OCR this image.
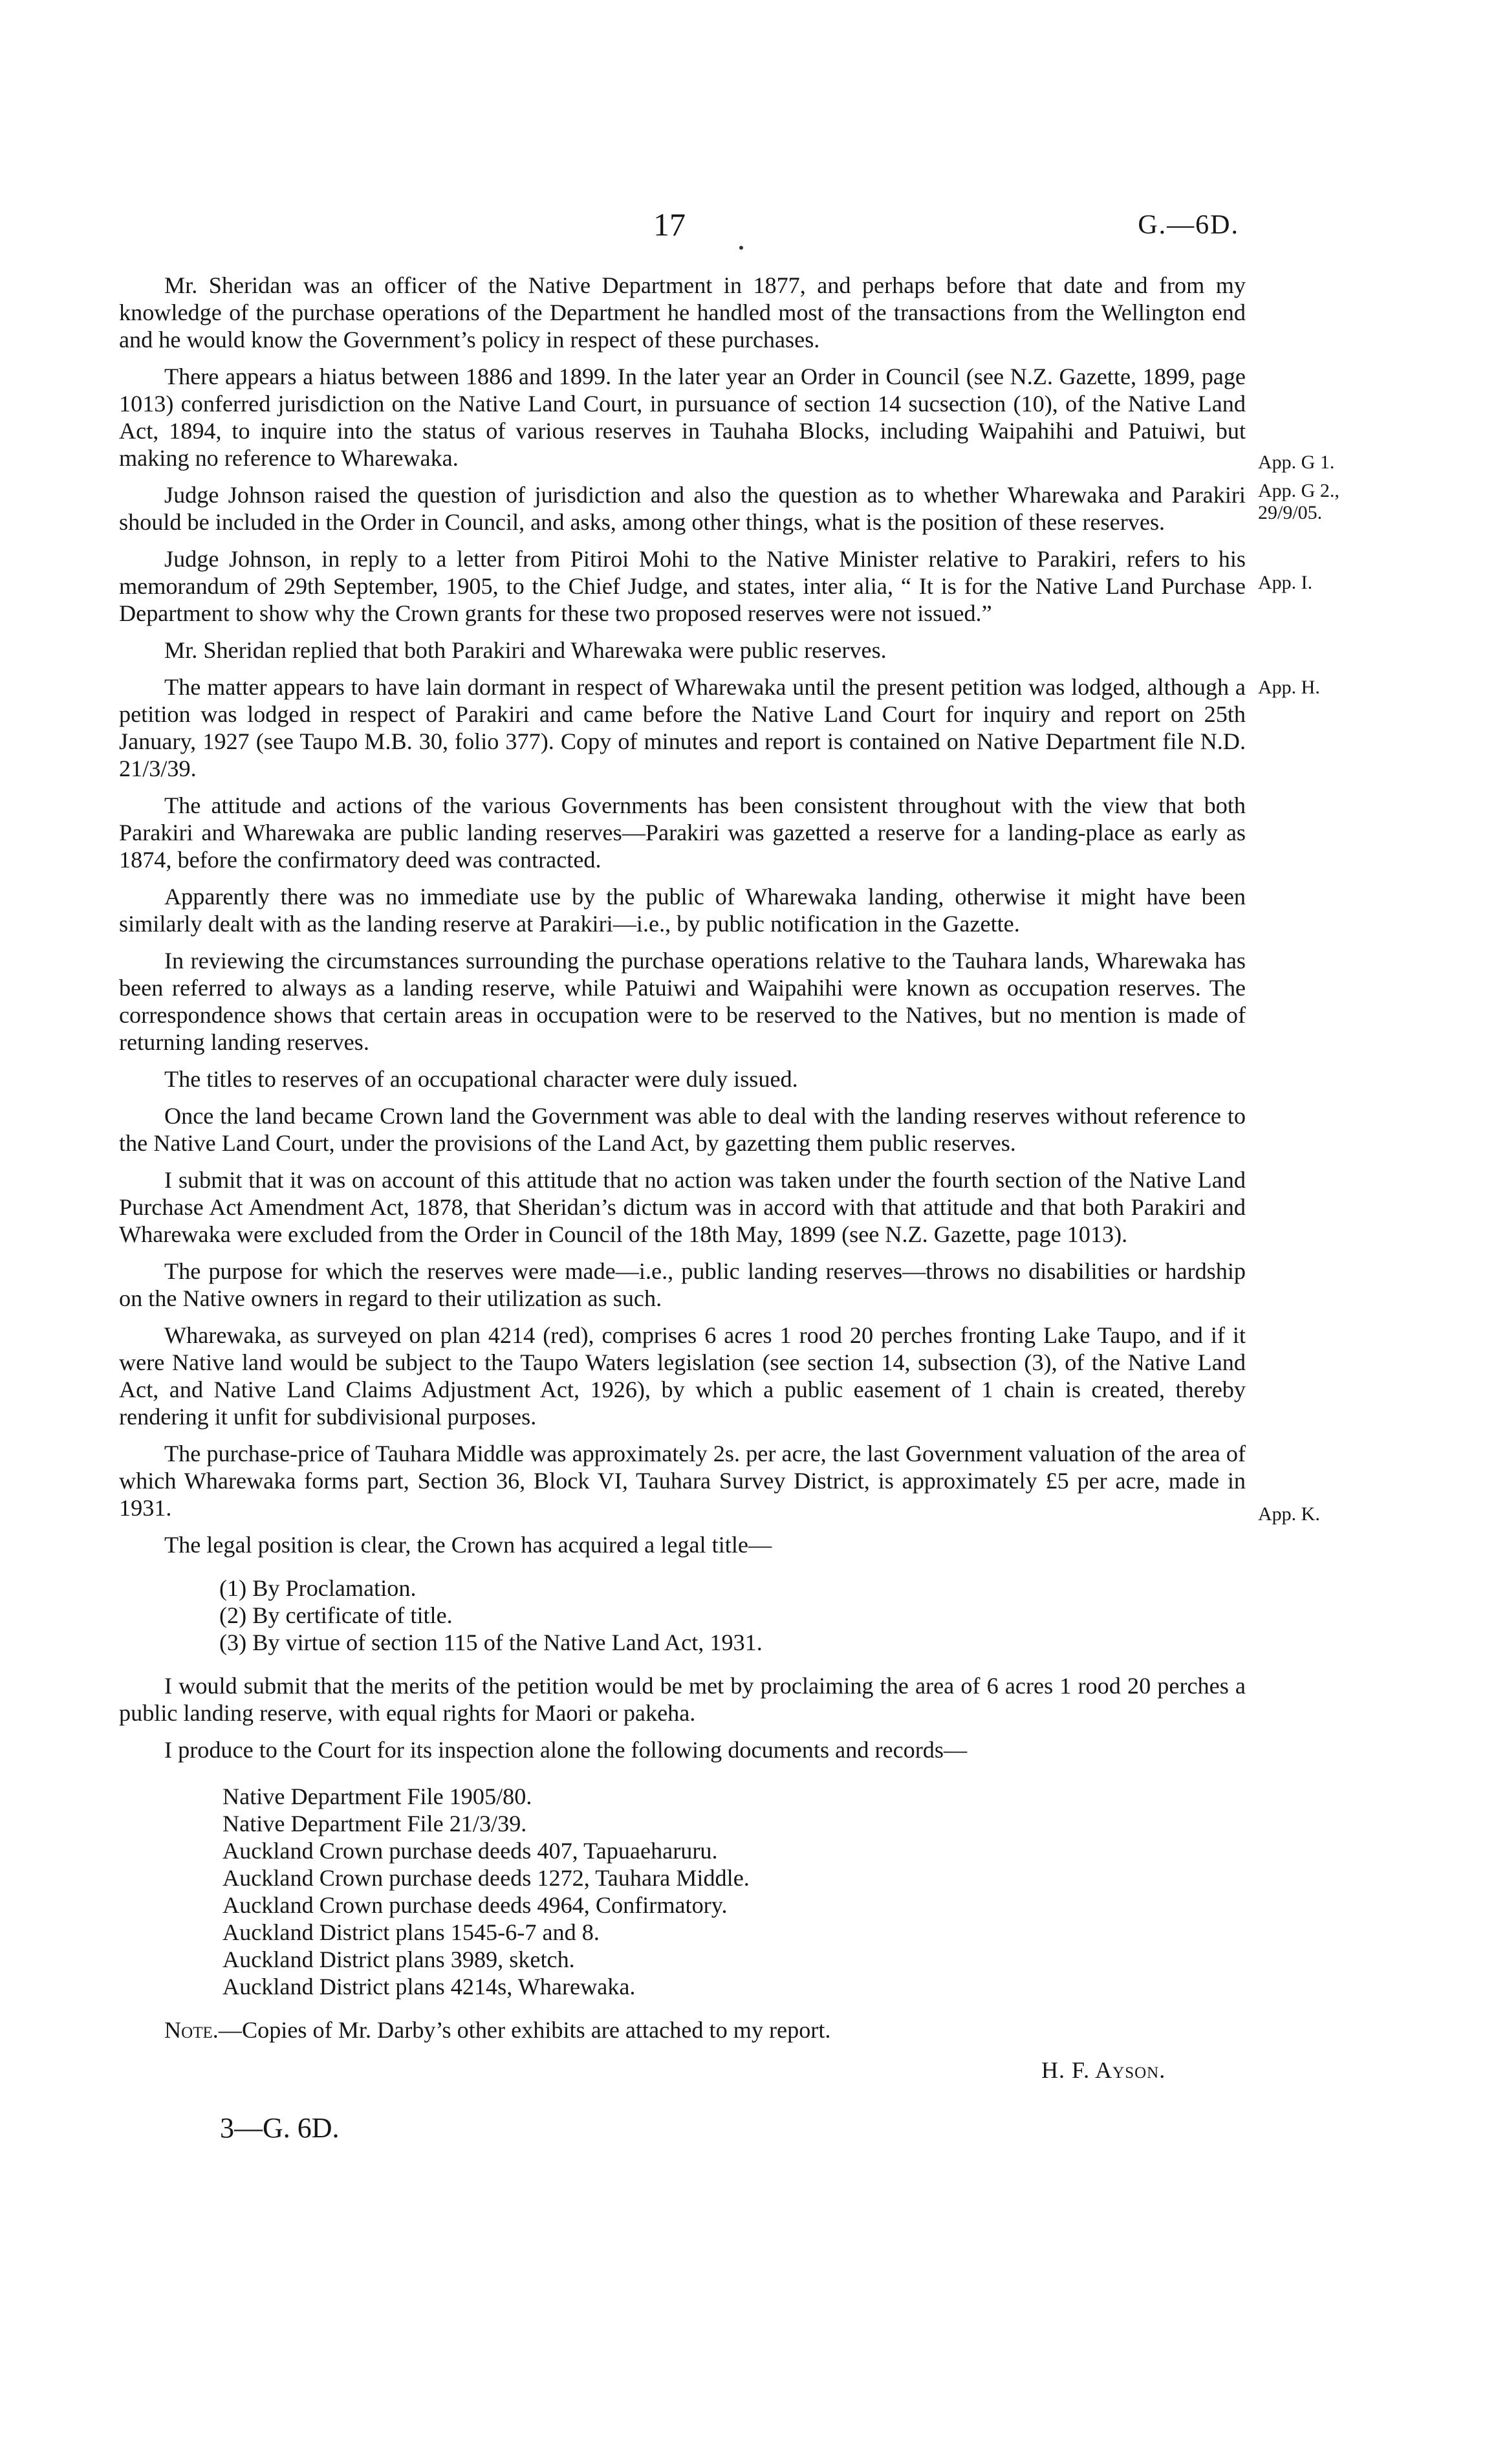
17	G.—6D.
App. G 1.
App. G 2.,
29/9/05.
App. I.
App. H.
App. K.

Mr. Sheridan was an officer of the Native Department in 1877, and perhaps before that date and from my knowledge of the purchase operations of the Department he handled most of the transactions from the Wellington end and he would know the Government’s policy in respect of these purchases.

There appears a hiatus between 1886 and 1899. In the later year an Order in Council (see N.Z. Gazette, 1899, page 1013) conferred jurisdiction on the Native Land Court, in pursuance of section 14 sucsection (10), of the Native Land Act, 1894, to inquire into the status of various reserves in Tauhaha Blocks, including Waipahihi and Patuiwi, but making no reference to Wharewaka.

Judge Johnson raised the question of jurisdiction and also the question as to whether Wharewaka and Parakiri should be included in the Order in Council, and asks, among other things, what is the position of these reserves.

Judge Johnson, in reply to a letter from Pitiroi Mohi to the Native Minister relative to Parakiri, refers to his memorandum of 29th September, 1905, to the Chief Judge, and states, inter alia, “ It is for the Native Land Purchase Department to show why the Crown grants for these two proposed reserves were not issued.”

Mr. Sheridan replied that both Parakiri and Wharewaka were public reserves.

The matter appears to have lain dormant in respect of Wharewaka until the present petition was lodged, although a petition was lodged in respect of Parakiri and came before the Native Land Court for inquiry and report on 25th January, 1927 (see Taupo M.B. 30, folio 377). Copy of minutes and report is contained on Native Department file N.D. 21/3/39.

The attitude and actions of the various Governments has been consistent throughout with the view that both Parakiri and Wharewaka are public landing reserves—Parakiri was gazetted a reserve for a landing-place as early as 1874, before the confirmatory deed was contracted.

Apparently there was no immediate use by the public of Wharewaka landing, otherwise it might have been similarly dealt with as the landing reserve at Parakiri—i.e., by public notification in the Gazette.

In reviewing the circumstances surrounding the purchase operations relative to the Tauhara lands, Wharewaka has been referred to always as a landing reserve, while Patuiwi and Waipahihi were known as occupation reserves. The correspondence shows that certain areas in occupation were to be reserved to the Natives, but no mention is made of returning landing reserves.

The titles to reserves of an occupational character were duly issued.

Once the land became Crown land the Government was able to deal with the landing reserves without reference to the Native Land Court, under the provisions of the Land Act, by gazetting them public reserves.

I submit that it was on account of this attitude that no action was taken under the fourth section of the Native Land Purchase Act Amendment Act, 1878, that Sheridan’s dictum was in accord with that attitude and that both Parakiri and Wharewaka were excluded from the Order in Council of the 18th May, 1899 (see N.Z. Gazette, page 1013).

The purpose for which the reserves were made—i.e., public landing reserves—throws no disabilities or hardship on the Native owners in regard to their utilization as such.

Wharewaka, as surveyed on plan 4214 (red), comprises 6 acres 1 rood 20 perches fronting Lake Taupo, and if it were Native land would be subject to the Taupo Waters legislation (see section 14, subsection (3), of the Native Land Act, and Native Land Claims Adjustment Act, 1926), by which a public easement of 1 chain is created, thereby rendering it unfit for subdivisional purposes.

The purchase-price of Tauhara Middle was approximately 2s. per acre, the last Government valuation of the area of which Wharewaka forms part, Section 36, Block VI, Tauhara Survey District, is approximately £5 per acre, made in 1931.

The legal position is clear, the Crown has acquired a legal title—

(1) By Proclamation.
(2) By certificate of title.
(3) By virtue of section 115 of the Native Land Act, 1931.

I would submit that the merits of the petition would be met by proclaiming the area of 6 acres 1 rood 20 perches a public landing reserve, with equal rights for Maori or pakeha.

I produce to the Court for its inspection alone the following documents and records—

Native Department File 1905/80.
Native Department File 21/3/39.
Auckland Crown purchase deeds 407, Tapuaeharuru.
Auckland Crown purchase deeds 1272, Tauhara Middle.
Auckland Crown purchase deeds 4964, Confirmatory.
Auckland District plans 1545-6-7 and 8.
Auckland District plans 3989, sketch.
Auckland District plans 4214s, Wharewaka.
Note.—Copies of Mr. Darby’s other exhibits are attached to my report.
H. F. Ayson.
3—G. 6D.
